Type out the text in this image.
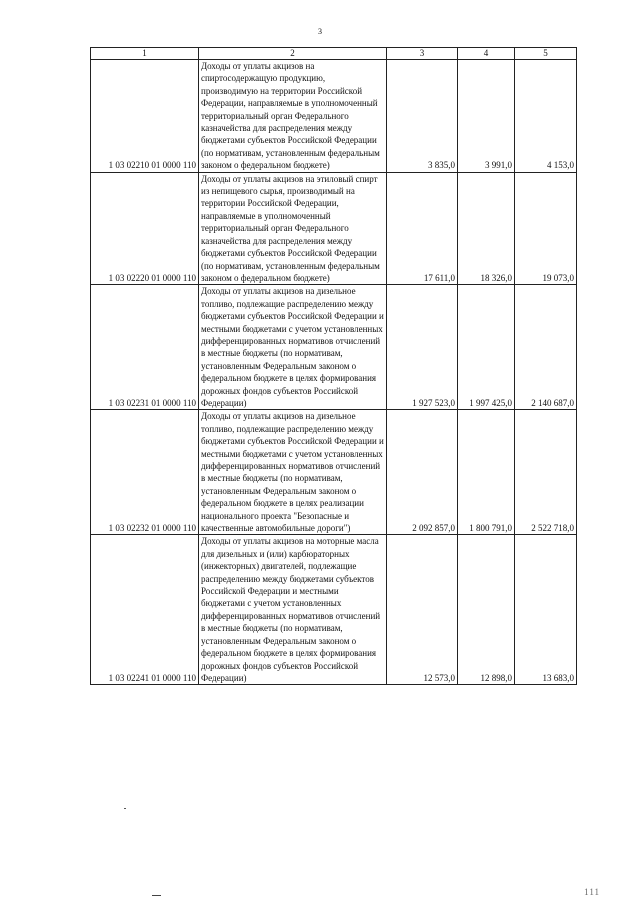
3
1	2	3	4	5
1 03 02210 01 0000 110	Доходы от уплаты акцизов на спиртосодержащую продукцию, производимую на территории Российской Федерации, направляемые в уполномоченный территориальный орган Федерального казначейства для распределения между бюджетами субъектов Российской Федерации (по нормативам, установленным федеральным законом о федеральном бюджете)	3 835,0	3 991,0	4 153,0
1 03 02220 01 0000 110	Доходы от уплаты акцизов на этиловый спирт из непищевого сырья, производимый на территории Российской Федерации, направляемые в уполномоченный территориальный орган Федерального казначейства для распределения между бюджетами субъектов Российской Федерации (по нормативам, установленным федеральным законом о федеральном бюджете)	17 611,0	18 326,0	19 073,0
1 03 02231 01 0000 110	Доходы от уплаты акцизов на дизельное топливо, подлежащие распределению между бюджетами субъектов Российской Федерации и местными бюджетами с учетом установленных дифференцированных нормативов отчислений в местные бюджеты (по нормативам, установленным Федеральным законом о федеральном бюджете в целях формирования дорожных фондов субъектов Российской Федерации)	1 927 523,0	1 997 425,0	2 140 687,0
1 03 02232 01 0000 110	Доходы от уплаты акцизов на дизельное топливо, подлежащие распределению между бюджетами субъектов Российской Федерации и местными бюджетами с учетом установленных дифференцированных нормативов отчислений в местные бюджеты (по нормативам, установленным Федеральным законом о федеральном бюджете в целях реализации национального проекта "Безопасные и качественные автомобильные дороги")	2 092 857,0	1 800 791,0	2 522 718,0
1 03 02241 01 0000 110	Доходы от уплаты акцизов на моторные масла для дизельных и (или) карбюраторных (инжекторных) двигателей, подлежащие распределению между бюджетами субъектов Российской Федерации и местными бюджетами с учетом установленных дифференцированных нормативов отчислений в местные бюджеты (по нормативам, установленным Федеральным законом о федеральном бюджете в целях формирования дорожных фондов субъектов Российской Федерации)	12 573,0	12 898,0	13 683,0
111
